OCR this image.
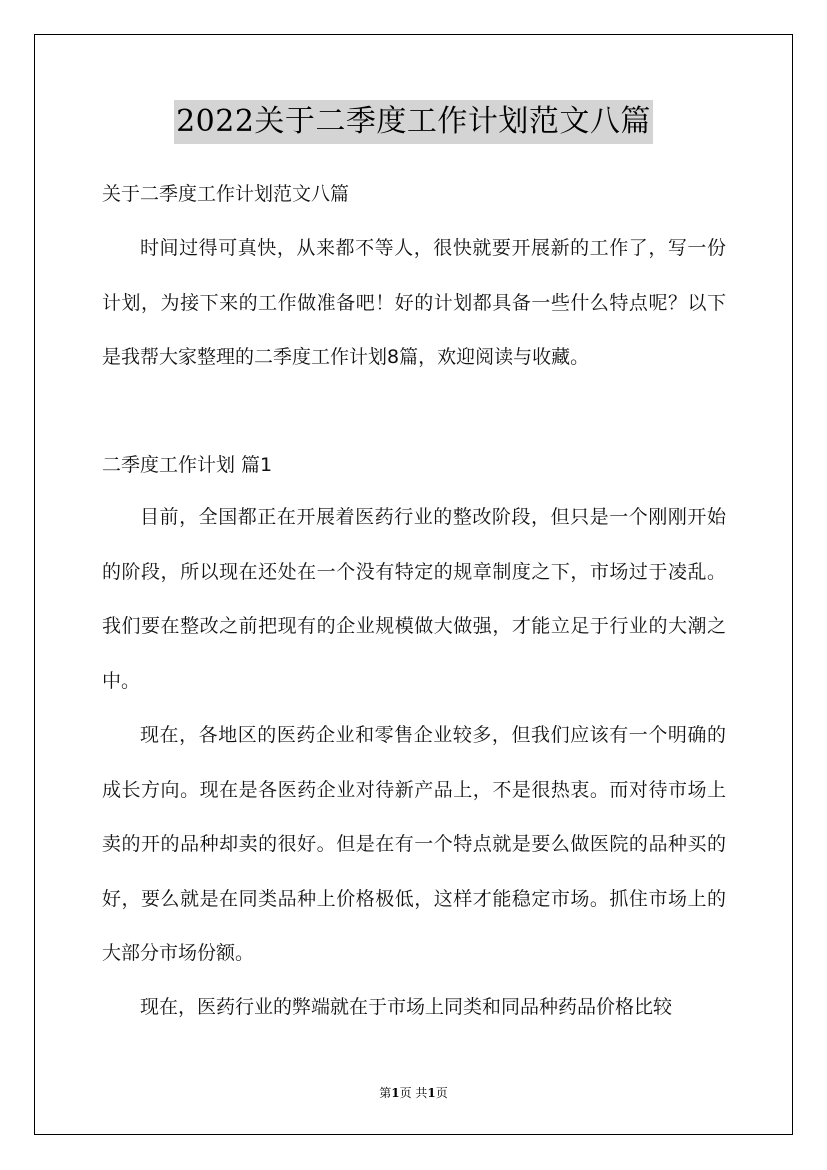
2022关于二季度工作计划范文八篇

关于二季度工作计划范文八篇

时间过得可真快，从来都不等人，很快就要开展新的工作了，写一份计划，为接下来的工作做准备吧！好的计划都具备一些什么特点呢？以下是我帮大家整理的二季度工作计划8篇，欢迎阅读与收藏。

二季度工作计划 篇1

目前，全国都正在开展着医药行业的整改阶段，但只是一个刚刚开始的阶段，所以现在还处在一个没有特定的规章制度之下，市场过于凌乱。我们要在整改之前把现有的企业规模做大做强，才能立足于行业的大潮之中。

现在，各地区的医药企业和零售企业较多，但我们应该有一个明确的成长方向。现在是各医药企业对待新产品上，不是很热衷。而对待市场上卖的开的品种却卖的很好。但是在有一个特点就是要么做医院的品种买的好，要么就是在同类品种上价格极低，这样才能稳定市场。抓住市场上的大部分市场份额。

现在，医药行业的弊端就在于市场上同类和同品种药品价格比较

第1页 共1页
